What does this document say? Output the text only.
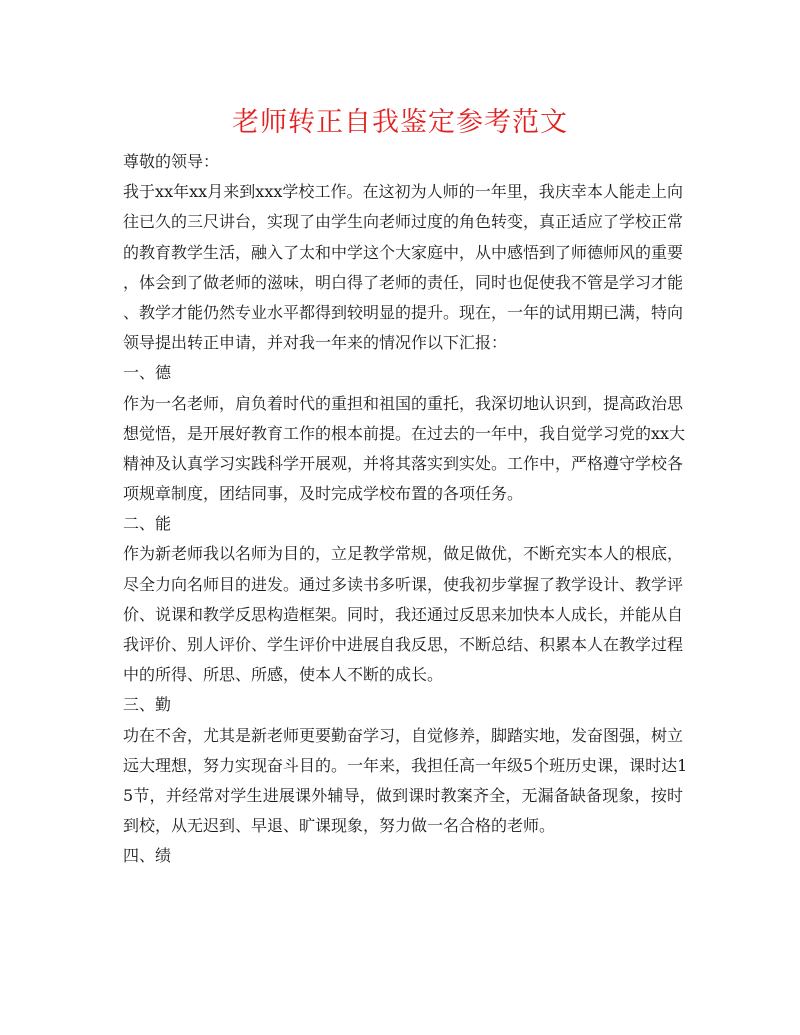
老师转正自我鉴定参考范文
尊敬的领导：
我于xx年xx月来到xxx学校工作。在这初为人师的一年里，我庆幸本人能走上向
往已久的三尺讲台，实现了由学生向老师过度的角色转变，真正适应了学校正常
的教育教学生活，融入了太和中学这个大家庭中，从中感悟到了师德师风的重要
，体会到了做老师的滋味，明白得了老师的责任，同时也促使我不管是学习才能
、教学才能仍然专业水平都得到较明显的提升。现在，一年的试用期已满，特向
领导提出转正申请，并对我一年来的情况作以下汇报：
一、德
作为一名老师，肩负着时代的重担和祖国的重托，我深切地认识到，提高政治思
想觉悟，是开展好教育工作的根本前提。在过去的一年中，我自觉学习党的xx大
精神及认真学习实践科学开展观，并将其落实到实处。工作中，严格遵守学校各
项规章制度，团结同事，及时完成学校布置的各项任务。
二、能
作为新老师我以名师为目的，立足教学常规，做足做优，不断充实本人的根底，
尽全力向名师目的进发。通过多读书多听课，使我初步掌握了教学设计、教学评
价、说课和教学反思构造框架。同时，我还通过反思来加快本人成长，并能从自
我评价、别人评价、学生评价中进展自我反思，不断总结、积累本人在教学过程
中的所得、所思、所感，使本人不断的成长。
三、勤
功在不舍，尤其是新老师更要勤奋学习，自觉修养，脚踏实地，发奋图强，树立
远大理想，努力实现奋斗目的。一年来，我担任高一年级5个班历史课，课时达1
5节，并经常对学生进展课外辅导，做到课时教案齐全，无漏备缺备现象，按时
到校，从无迟到、早退、旷课现象，努力做一名合格的老师。
四、绩
